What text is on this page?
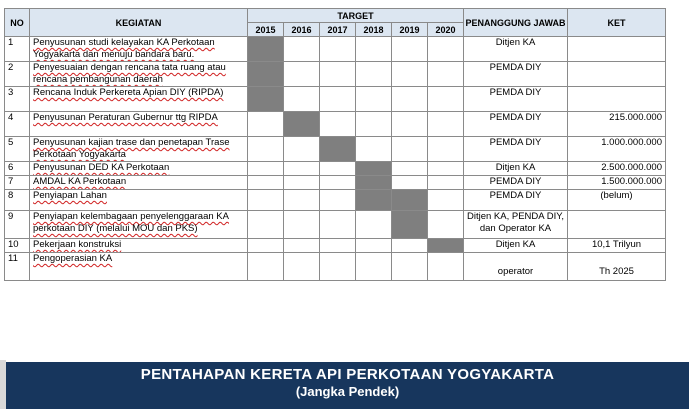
NO	KEGIATAN	TARGET						PENANGGUNG JAWAB	KET
		2015	2016	2017	2018	2019	2020		
1	Penyusunan studi kelayakan KA Perkotaan
Yogyakarta dan menuju bandara baru.							Ditjen KA	
2	Penyesuaian dengan rencana tata ruang atau
rencana pembangunan daerah							PEMDA DIY	
3	Rencana Induk Perkereta Apian DIY (RIPDA)							PEMDA DIY	
4	Penyusunan Peraturan Gubernur ttg RIPDA							PEMDA DIY	215.000.000
5	Penyusunan kajian trase dan penetapan Trase
Perkotaan Yogyakarta							PEMDA DIY	1.000.000.000
6	Penyusunan DED KA Perkotaan							Ditjen KA	2.500.000.000
7	AMDAL KA Perkotaan							PEMDA DIY	1.500.000.000
8	Penyiapan Lahan							PEMDA DIY	(belum)
9	Penyiapan kelembagaan penyelenggaraan KA
perkotaan DIY (melalui MOU dan PKS)							Ditjen KA, PENDA DIY,
dan Operator KA	
10	Pekerjaan konstruksi							Ditjen KA	10,1 Trilyun
11	Pengoperasian KA							operator	Th 2025
PENTAHAPAN KERETA API PERKOTAAN YOGYAKARTA
(Jangka Pendek)
